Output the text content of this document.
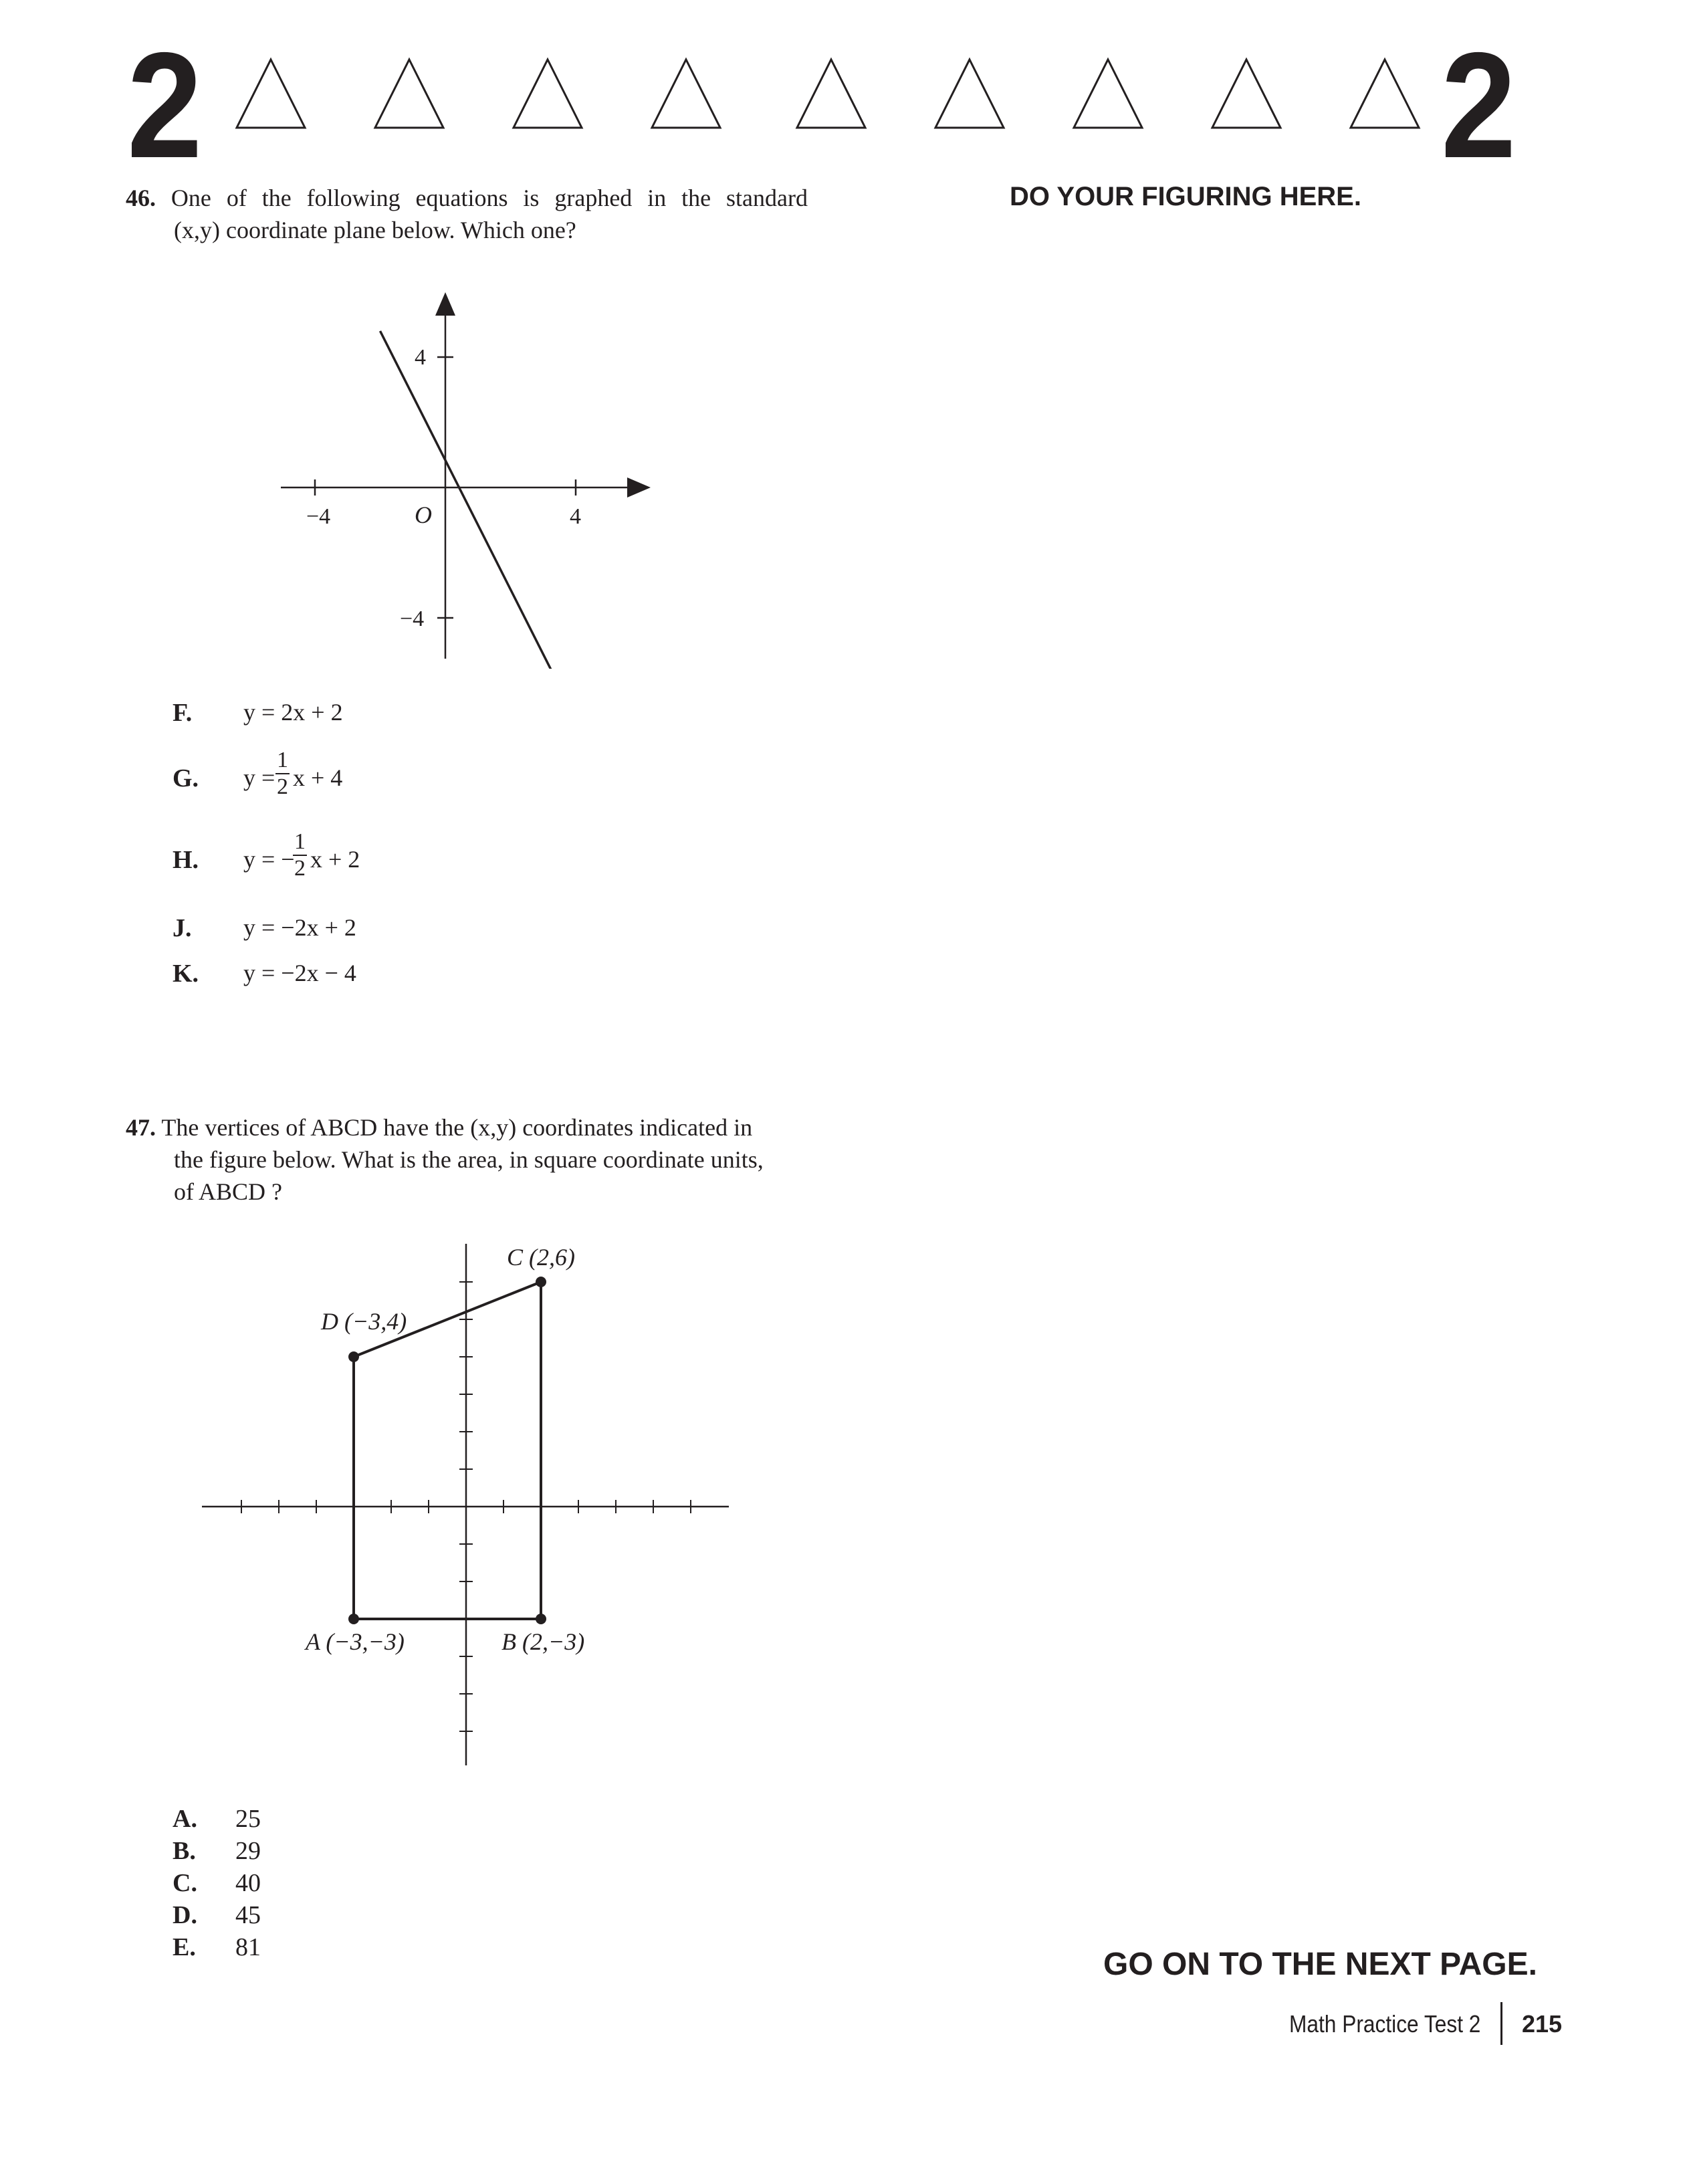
2	2
DO YOUR FIGURING HERE.
46. One of the following equations is graphed in the standard
(x,y) coordinate plane below. Which one?
−4	4
4
−4
O
F. y = 2x + 2
G. $y = \frac{1}{2}$ x + 4
H. y = −
$\frac{1}{2}$ x + 2
J. y = −2x + 2
K. y = −2x − 4
47. The vertices of ABCD have the (x,y) coordinates indicated in
the figure below. What is the area, in square coordinate units,
of ABCD ?
A (−3,−3)	B (2,−3)
C (2,6)
D (−3,4)
A.	25
B.	29
C.	40
D.	45
E.	81	GO ON TO THE NEXT PAGE.
Math Practice Test 2 215
